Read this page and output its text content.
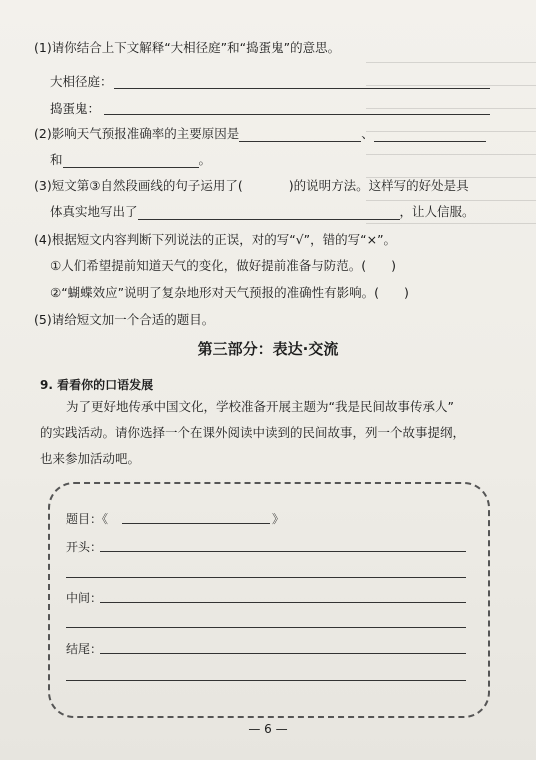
(1)请你结合上下文解释“大相径庭”和“捣蛋鬼”的意思。
大相径庭：
捣蛋鬼：
(2)影响天气预报准确率的主要原因是	、
和	。
(3)短文第③自然段画线的句子运用了(	)的说明方法。这样写的好处是具
体真实地写出了	，让人信服。
(4)根据短文内容判断下列说法的正误，对的写“√”，错的写“×”。
①人们希望提前知道天气的变化，做好提前准备与防范。(　　)
②“蝴蝶效应”说明了复杂地形对天气预报的准确性有影响。(　　)
(5)请给短文加一个合适的题目。
第三部分：表达·交流
9. 看看你的口语发展
为了更好地传承中国文化，学校准备开展主题为“我是民间故事传承人”
的实践活动。请你选择一个在课外阅读中读到的民间故事，列一个故事提纲，
也来参加活动吧。
题目：《	》
开头：
中间：
结尾：
— 6 —
